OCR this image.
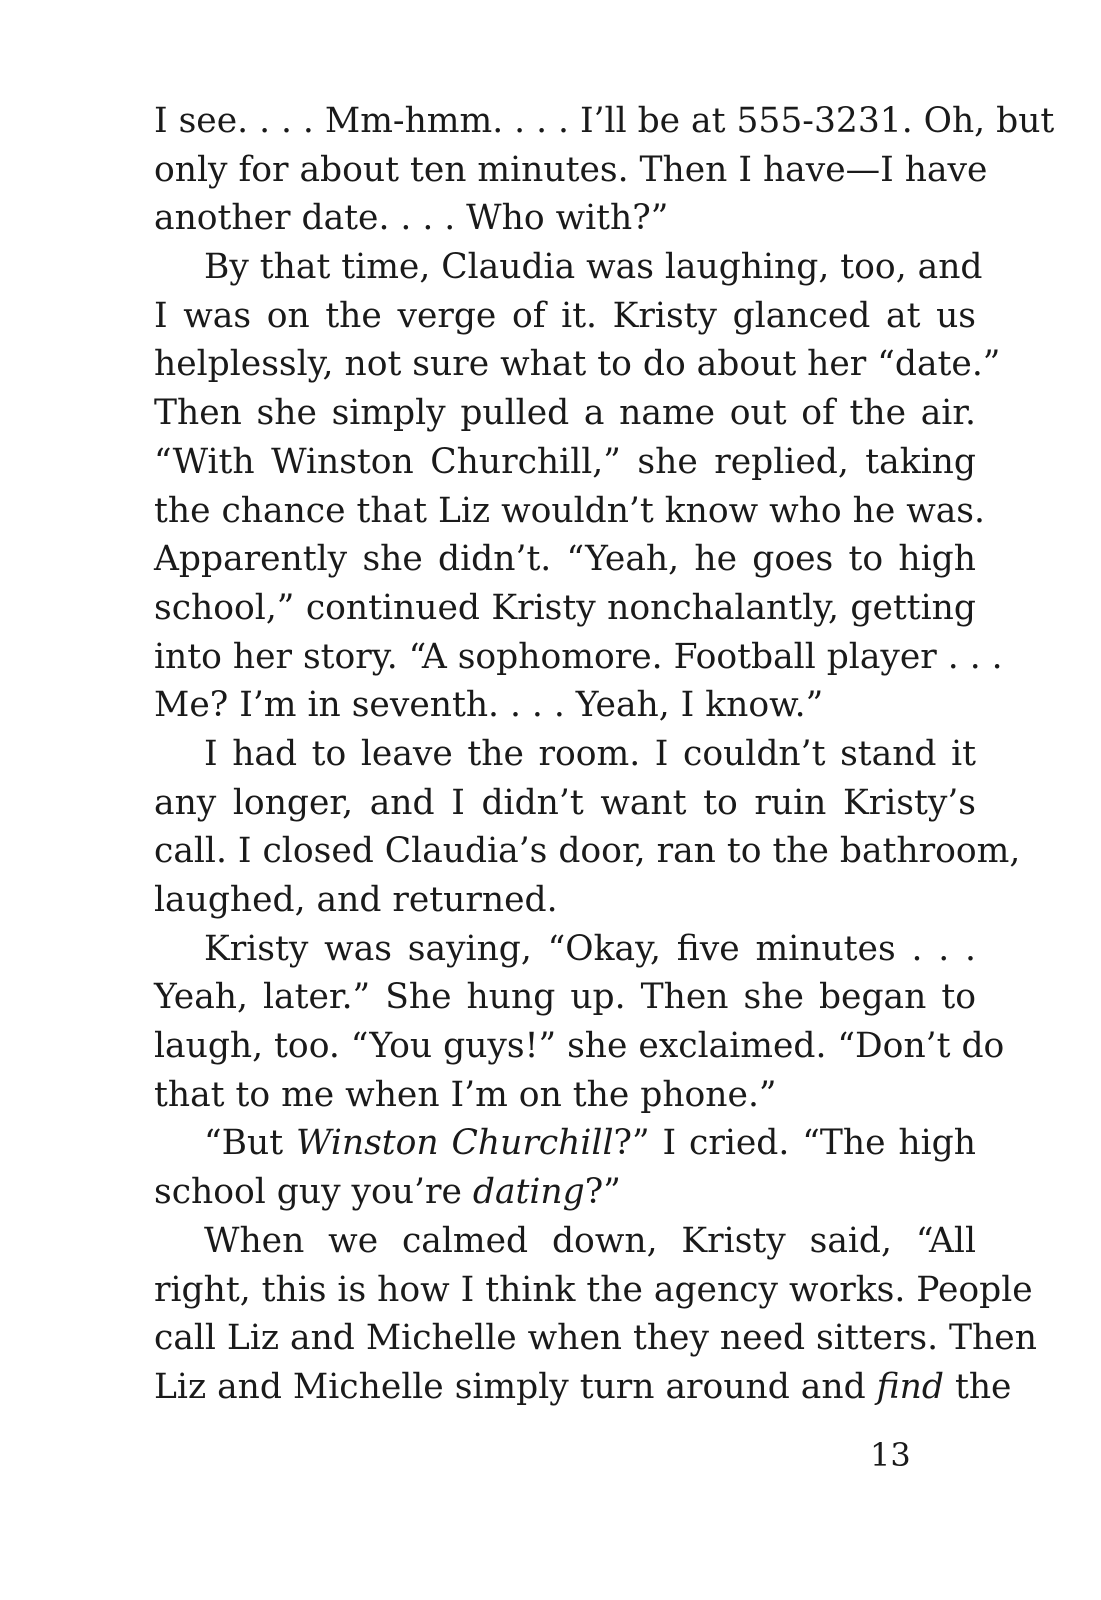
I see. . . . Mm-hmm. . . . I’ll be at 555-3231. Oh, but
only for about ten minutes. Then I have—I have
another date. . . . Who with?”
By that time, Claudia was laughing, too, and
I was on the verge of it. Kristy glanced at us
helplessly, not sure what to do about her “date.”
Then she simply pulled a name out of the air.
“With Winston Churchill,” she replied, taking
the chance that Liz wouldn’t know who he was.
Apparently she didn’t. “Yeah, he goes to high
school,” continued Kristy nonchalantly, getting
into her story. “A sophomore. Football player . . .
Me? I’m in seventh. . . . Yeah, I know.”
I had to leave the room. I couldn’t stand it
any longer, and I didn’t want to ruin Kristy’s
call. I closed Claudia’s door, ran to the bathroom,
laughed, and returned.
Kristy was saying, “Okay, five minutes . . .
Yeah, later.” She hung up. Then she began to
laugh, too. “You guys!” she exclaimed. “Don’t do
that to me when I’m on the phone.”
“But Winston Churchill?” I cried. “The high
school guy you’re dating?”
When we calmed down, Kristy said, “All
right, this is how I think the agency works. People
call Liz and Michelle when they need sitters. Then
Liz and Michelle simply turn around and find the
13
